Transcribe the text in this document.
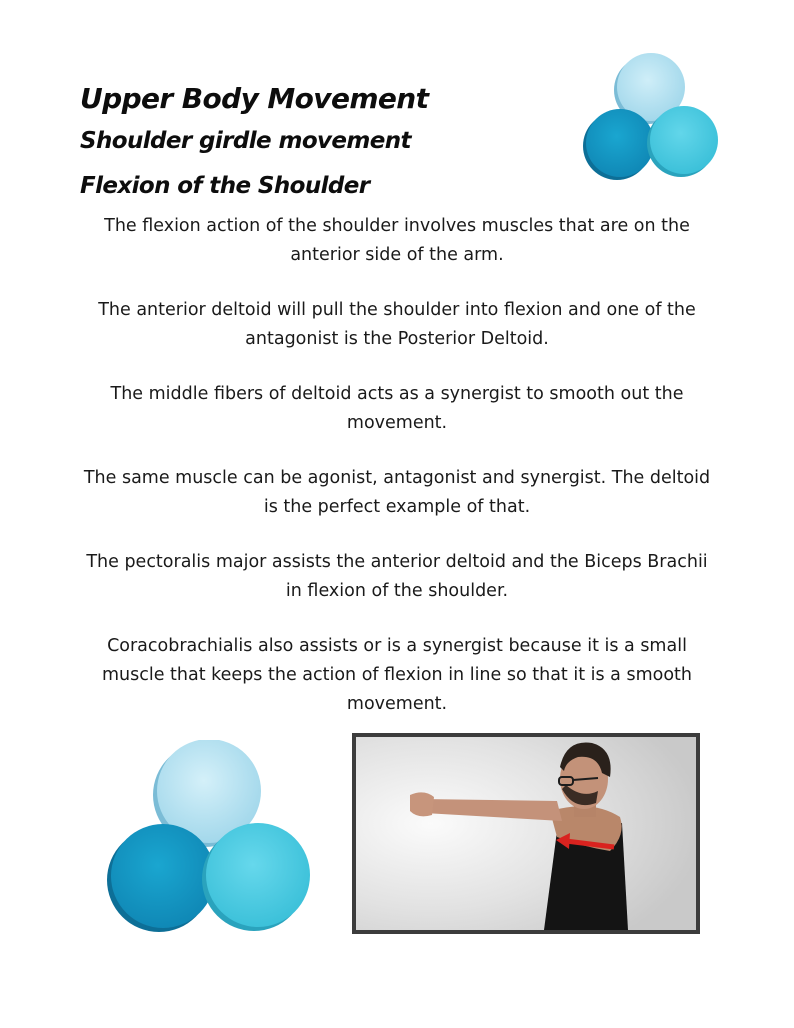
Upper Body Movement
Shoulder girdle movement
Flexion of the Shoulder

The flexion action of the shoulder involves muscles that are on the anterior side of the arm.

The anterior deltoid will pull the shoulder into flexion and one of the antagonist is the Posterior Deltoid.

The middle fibers of deltoid acts as a synergist to smooth out the movement.

The same muscle can be agonist, antagonist and synergist. The deltoid is the perfect example of that.

The pectoralis major assists the anterior deltoid and the Biceps Brachii in flexion of the shoulder.

Coracobrachialis also assists or is a synergist because it is a small muscle that keeps the action of flexion in line so that it is a smooth movement.
